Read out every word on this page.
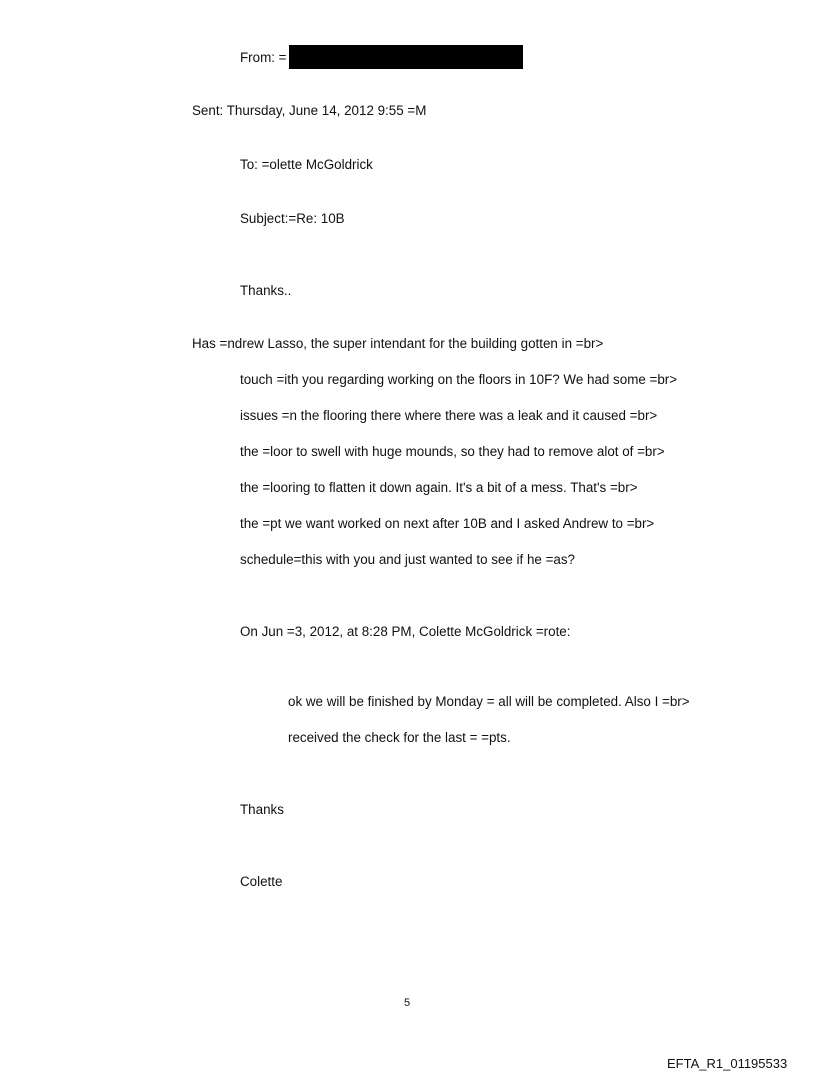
From: =
Sent: Thursday, June 14, 2012 9:55 =M
To: =olette McGoldrick
Subject:=Re: 10B
Thanks..
Has =ndrew Lasso, the super intendant for the building gotten in =br>
touch =ith you regarding working on the floors in 10F? We had some =br>
issues =n the flooring there where there was a leak and it caused =br>
the =loor to swell with huge mounds, so they had to remove alot of =br>
the =looring to flatten it down again. It's a bit of a mess. That's =br>
the =pt we want worked on next after 10B and I asked Andrew to =br>
schedule=this with you and just wanted to see if he =as?
On Jun =3, 2012, at 8:28 PM, Colette McGoldrick =rote:
ok we will be finished by Monday = all will be completed. Also I =br>
received the check for the last = =pts.
Thanks
Colette
5
EFTA_R1_01195533
